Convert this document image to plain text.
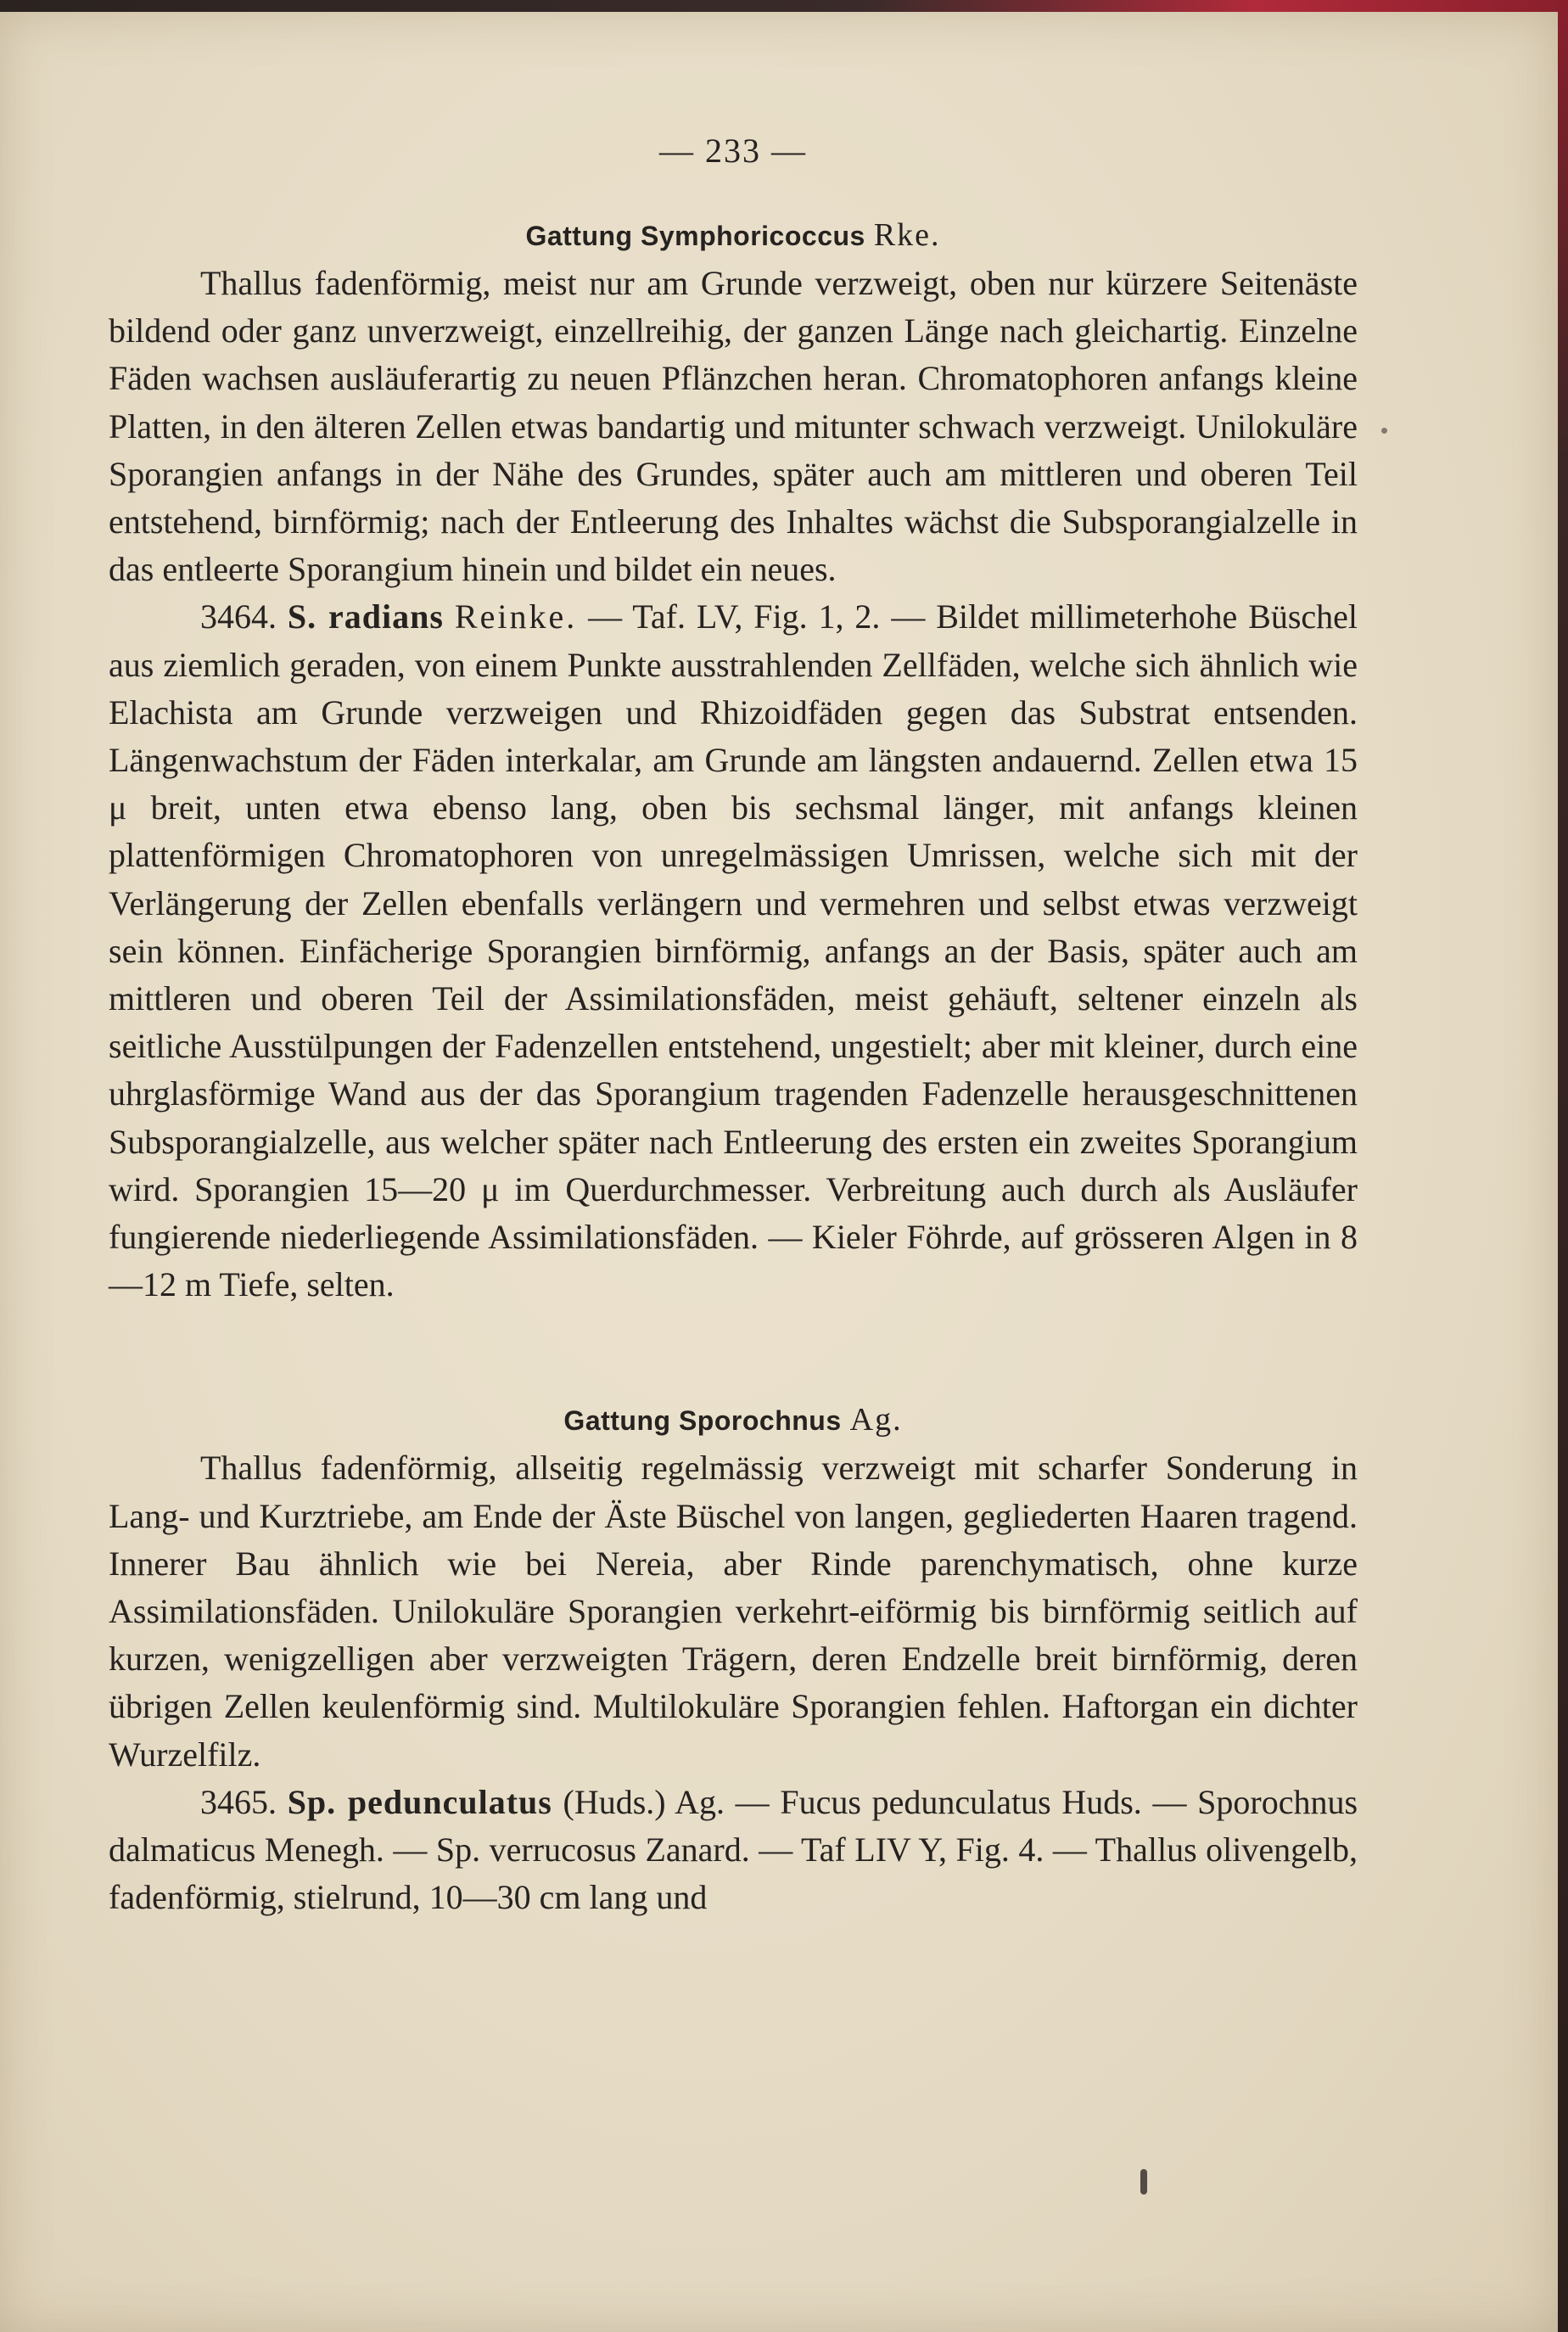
— 233 —
Gattung Symphoricoccus Rke.

Thallus fadenförmig, meist nur am Grunde verzweigt, oben nur kürzere Seitenäste bildend oder ganz unverzweigt, einzellreihig, der ganzen Länge nach gleichartig. Einzelne Fäden wachsen ausläuferartig zu neuen Pflänzchen heran. Chromatophoren anfangs kleine Platten, in den älteren Zellen etwas bandartig und mitunter schwach verzweigt. Unilokuläre Sporangien anfangs in der Nähe des Grundes, später auch am mittleren und oberen Teil entstehend, birnförmig; nach der Entleerung des Inhaltes wächst die Subsporangialzelle in das entleerte Sporangium hinein und bildet ein neues.

3464. S. radians Reinke. — Taf. LV, Fig. 1, 2. — Bildet millimeterhohe Büschel aus ziemlich geraden, von einem Punkte ausstrahlenden Zellfäden, welche sich ähnlich wie Elachista am Grunde verzweigen und Rhizoidfäden gegen das Substrat entsenden. Längenwachstum der Fäden interkalar, am Grunde am längsten andauernd. Zellen etwa 15 μ breit, unten etwa ebenso lang, oben bis sechsmal länger, mit anfangs kleinen plattenförmigen Chromatophoren von unregelmässigen Umrissen, welche sich mit der Verlängerung der Zellen ebenfalls verlängern und vermehren und selbst etwas verzweigt sein können. Einfächerige Sporangien birnförmig, anfangs an der Basis, später auch am mittleren und oberen Teil der Assimilationsfäden, meist gehäuft, seltener einzeln als seitliche Ausstülpungen der Fadenzellen entstehend, ungestielt; aber mit kleiner, durch eine uhrglasförmige Wand aus der das Sporangium tragenden Fadenzelle herausgeschnittenen Subsporangialzelle, aus welcher später nach Entleerung des ersten ein zweites Sporangium wird. Sporangien 15—20 μ im Querdurchmesser. Verbreitung auch durch als Ausläufer fungierende niederliegende Assimilationsfäden. — Kieler Föhrde, auf grösseren Algen in 8—12 m Tiefe, selten.

Gattung Sporochnus Ag.

Thallus fadenförmig, allseitig regelmässig verzweigt mit scharfer Sonderung in Lang- und Kurztriebe, am Ende der Äste Büschel von langen, gegliederten Haaren tragend. Innerer Bau ähnlich wie bei Nereia, aber Rinde parenchymatisch, ohne kurze Assimilationsfäden. Unilokuläre Sporangien verkehrt-eiförmig bis birnförmig seitlich auf kurzen, wenigzelligen aber verzweigten Trägern, deren Endzelle breit birnförmig, deren übrigen Zellen keulenförmig sind. Multilokuläre Sporangien fehlen. Haftorgan ein dichter Wurzelfilz.

3465. Sp. pedunculatus (Huds.) Ag. — Fucus pedunculatus Huds. — Sporochnus dalmaticus Menegh. — Sp. verrucosus Zanard. — Taf LIV Y, Fig. 4. — Thallus olivengelb, fadenförmig, stielrund, 10—30 cm lang und
